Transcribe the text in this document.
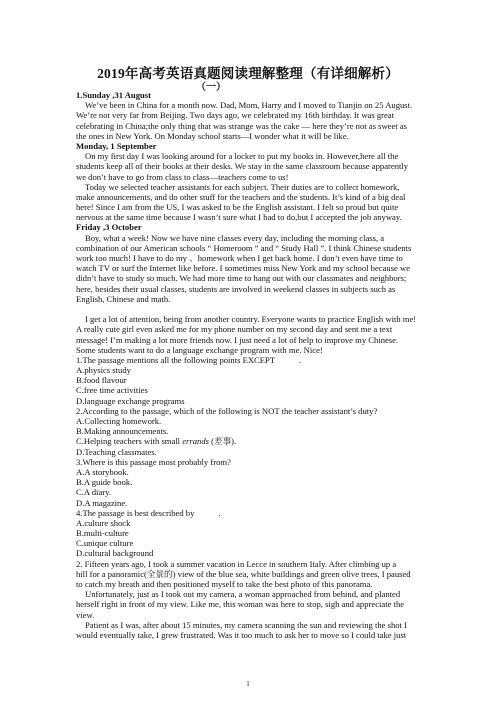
2019年高考英语真题阅读理解整理（有详细解析）
（一）
1.Sunday ,31 August
We’ve been in China for a month now. Dad, Mom, Harry and I moved to Tianjin on 25 August.
We’re not very far from Beijing. Two days ago, we celebrated my 16th birthday. It was great
celebrating in China;the only thing that was strange was the cake — here they’re not as sweet as
the ones in New York. On Monday school starts—I wonder what it will be like.
Monday, 1 September
On my first day I was looking around for a locker to put my books in. However,here all the
students keep all of their books at their desks. We stay in the same classroom because apparently
we don’t have to go from class to class—teachers come to us!
Today we selected teacher assistants for each subject. Their duties are to collect homework,
make announcements, and do other stuff for the teachers and the students. It’s kind of a big deal
here! Since I am from the US, I was asked to be the English assistant. I felt so proud but quite
nervous at the same time because I wasn’t sure what I had to do,but I accepted the job anyway.
Friday ,3 October
Boy, what a week! Now we have nine classes every day, including the morning class, a
combination of our American schools “ Homeroom ” and “ Study Hall ”. I think Chinese students
work too much! I have to do my 、homework when I get back home. I don’t even have time to
watch TV or surf the Internet like before. I sometimes miss New York and my school because we
didn’t have to study so much. We had more time to hang out with our classmates and neighbors;
here, besides their usual classes, students are involved in weekend classes in subjects such as
English, Chinese and math.
I get a lot of attention, being from another country. Everyone wants to practice English with me!
A really cute girl even asked me for my phone number on my second day and sent me a text
message! I’m making a lot more friends now. I just need a lot of help to improve my Chinese.
Some students want to do a language exchange program with me. Nice!
1.The passage mentions all the following points EXCEPT	.
A.physics study
B.food flavour
C.free time activities
D.language exchange programs
2.According to the passage, which of the following is NOT the teacher assistant’s duty?
A.Collecting homework.
B.Making announcements.
C.Helping teachers with small errands (差事).
D.Teaching classmates.
3.Where is this passage most probably from?
A.A storybook.
B.A guide book.
C.A diary.
D.A magazine.
4.The passage is best described by	.
A.culture shock
B.multi-culture
C.unique culture
D.cultural background
2. Fifteen years ago, I took a summer vacation in Lecce in southern Italy. After climbing up a
hill for a panoramic(全景的) view of the blue sea, white buildings and green olive trees, I paused
to catch my breath and then positioned myself to take the best photo of this panorama.
Unfortunately, just as I took out my camera, a woman approached from behind, and planted
herself right in front of my view. Like me, this woman was here to stop, sigh and appreciate the
view.
Patient as I was, after about 15 minutes, my camera scanning the sun and reviewing the shot I
would eventually take, I grew frustrated. Was it too much to ask her to move so I could take just
1
